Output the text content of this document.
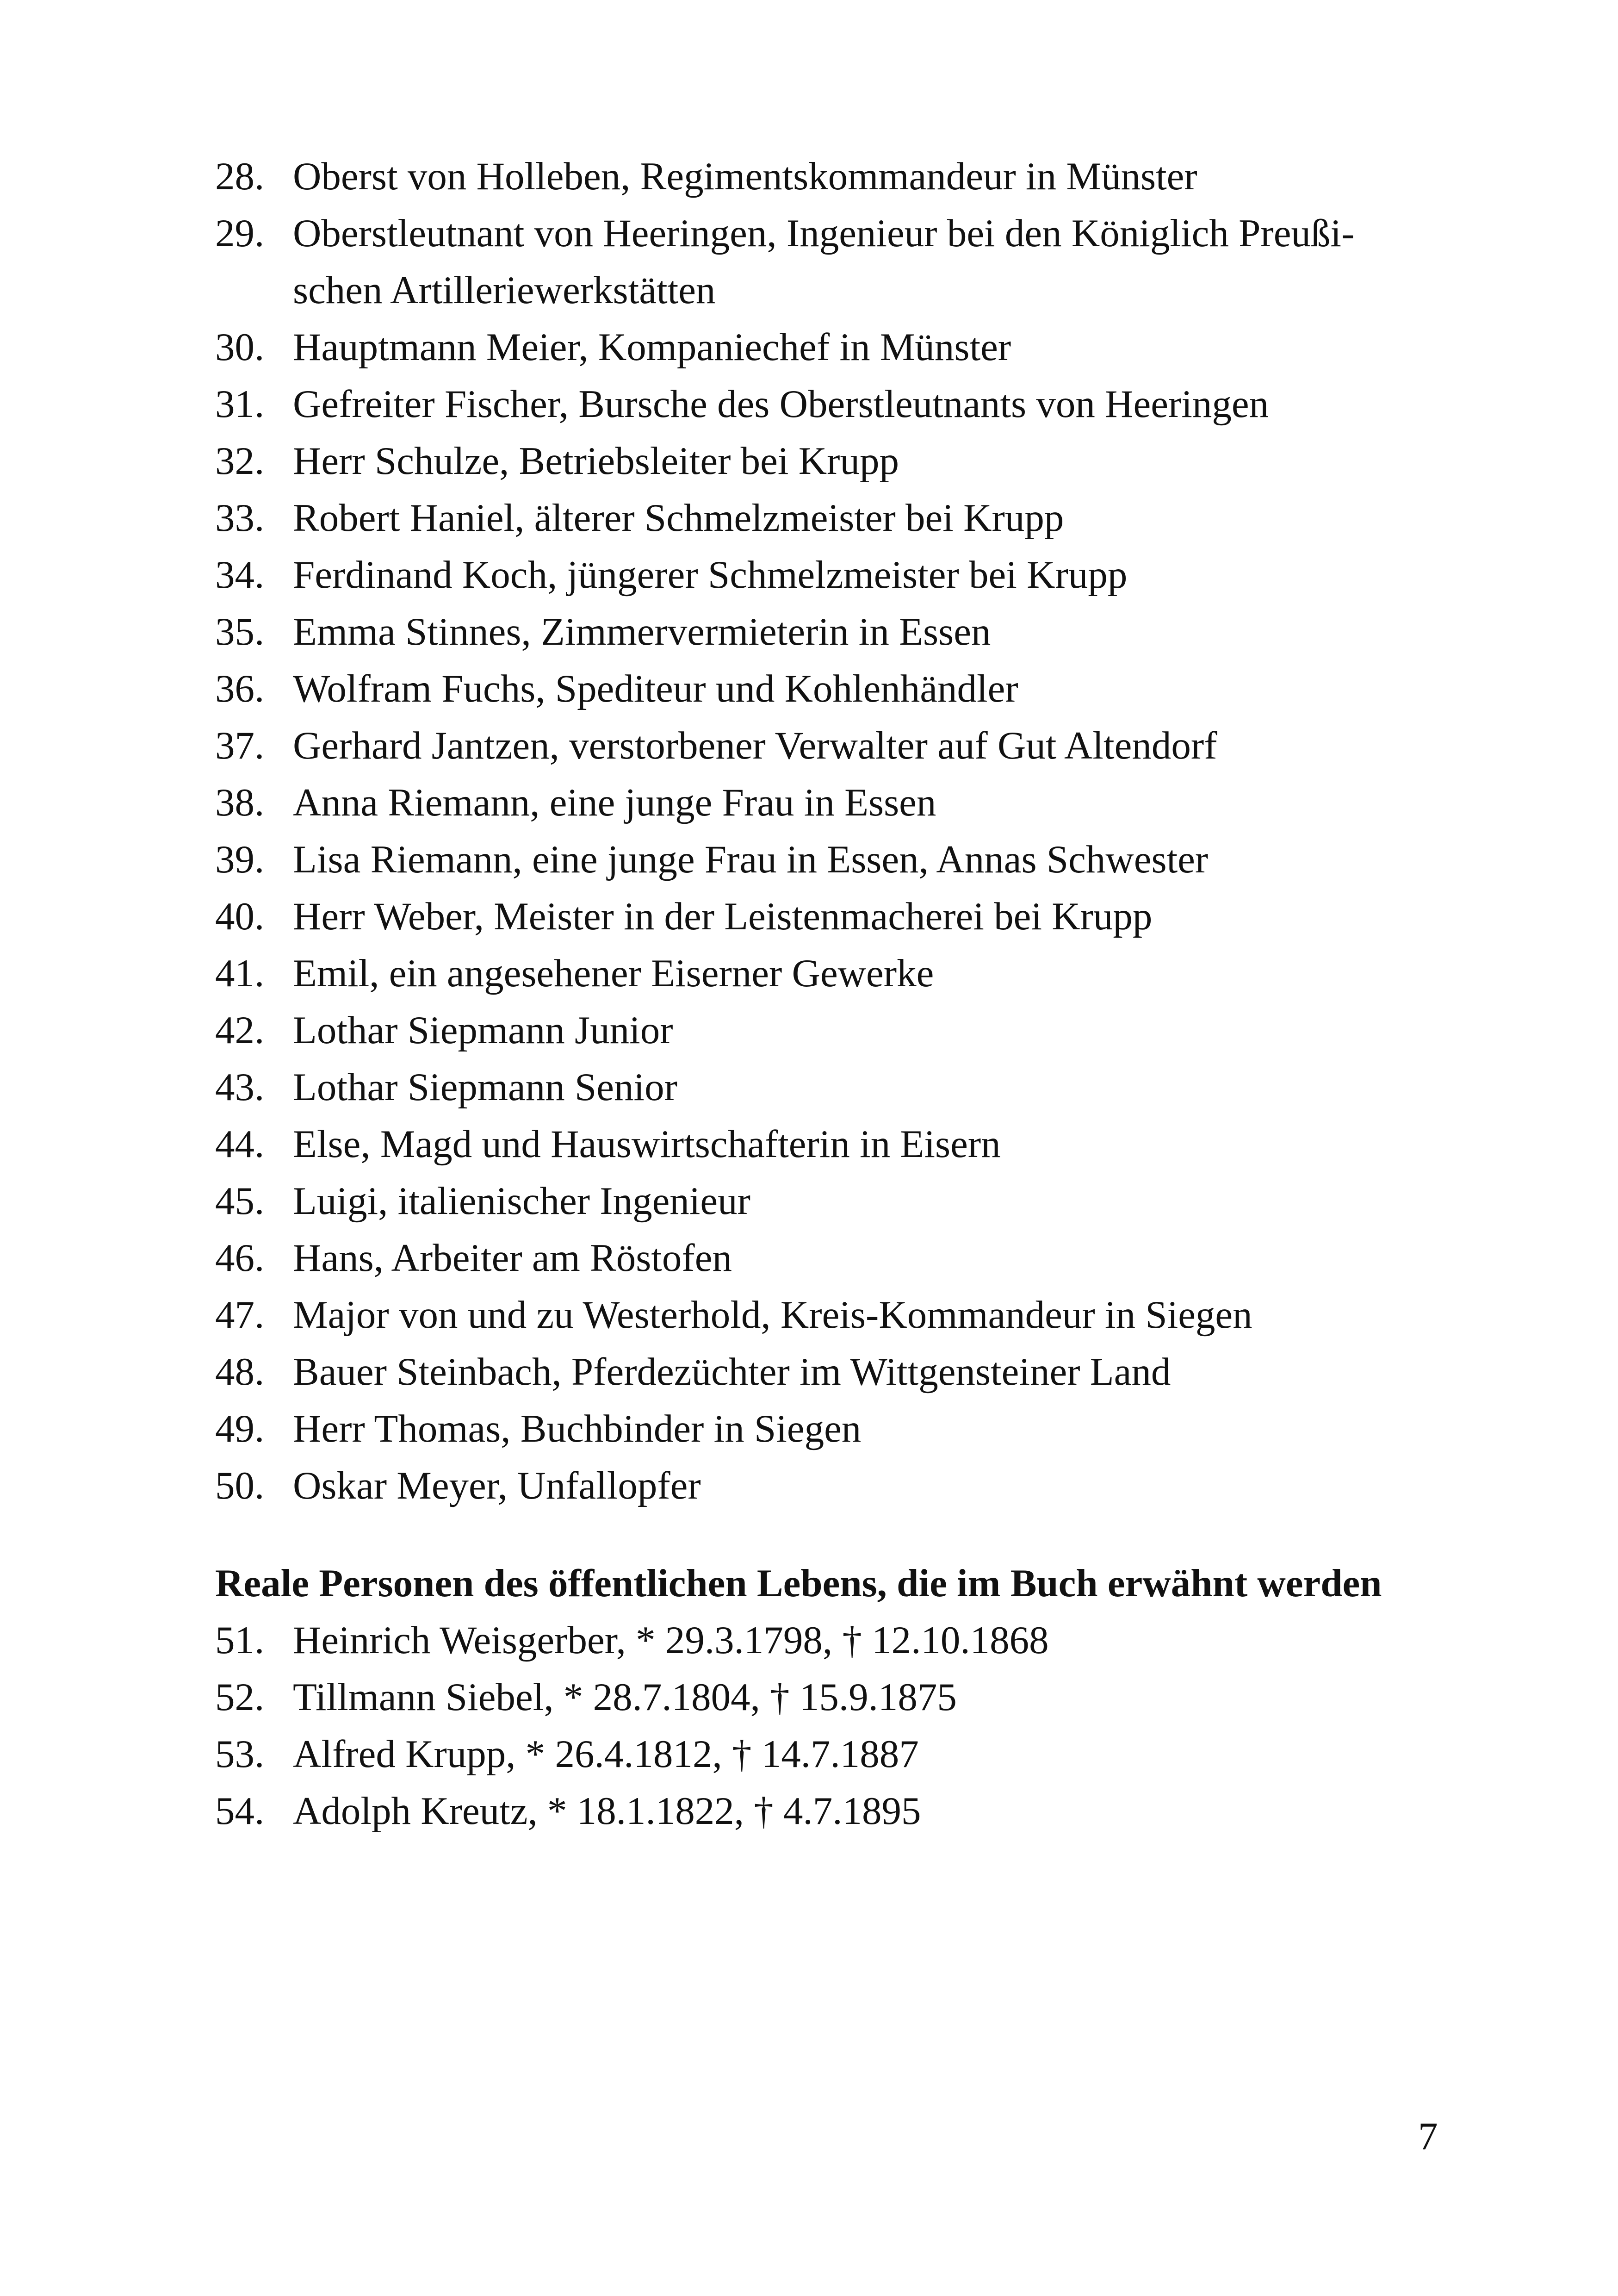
28. Oberst von Holleben, Regimentskommandeur in Münster
29. Oberstleutnant von Heeringen, Ingenieur bei den Königlich Preußi-
schen Artilleriewerkstätten
30. Hauptmann Meier, Kompaniechef in Münster
31. Gefreiter Fischer, Bursche des Oberstleutnants von Heeringen
32. Herr Schulze, Betriebsleiter bei Krupp
33. Robert Haniel, älterer Schmelzmeister bei Krupp
34. Ferdinand Koch, jüngerer Schmelzmeister bei Krupp
35. Emma Stinnes, Zimmervermieterin in Essen
36. Wolfram Fuchs, Spediteur und Kohlenhändler
37. Gerhard Jantzen, verstorbener Verwalter auf Gut Altendorf
38. Anna Riemann, eine junge Frau in Essen
39. Lisa Riemann, eine junge Frau in Essen, Annas Schwester
40. Herr Weber, Meister in der Leistenmacherei bei Krupp
41. Emil, ein angesehener Eiserner Gewerke
42. Lothar Siepmann Junior
43. Lothar Siepmann Senior
44. Else, Magd und Hauswirtschafterin in Eisern
45. Luigi, italienischer Ingenieur
46. Hans, Arbeiter am Röstofen
47. Major von und zu Westerhold, Kreis-Kommandeur in Siegen
48. Bauer Steinbach, Pferdezüchter im Wittgensteiner Land
49. Herr Thomas, Buchbinder in Siegen
50. Oskar Meyer, Unfallopfer
Reale Personen des öffentlichen Lebens, die im Buch erwähnt werden
51. Heinrich Weisgerber, * 29.3.1798, † 12.10.1868
52. Tillmann Siebel, * 28.7.1804, † 15.9.1875
53. Alfred Krupp, * 26.4.1812, † 14.7.1887
54. Adolph Kreutz, * 18.1.1822, † 4.7.1895
7
